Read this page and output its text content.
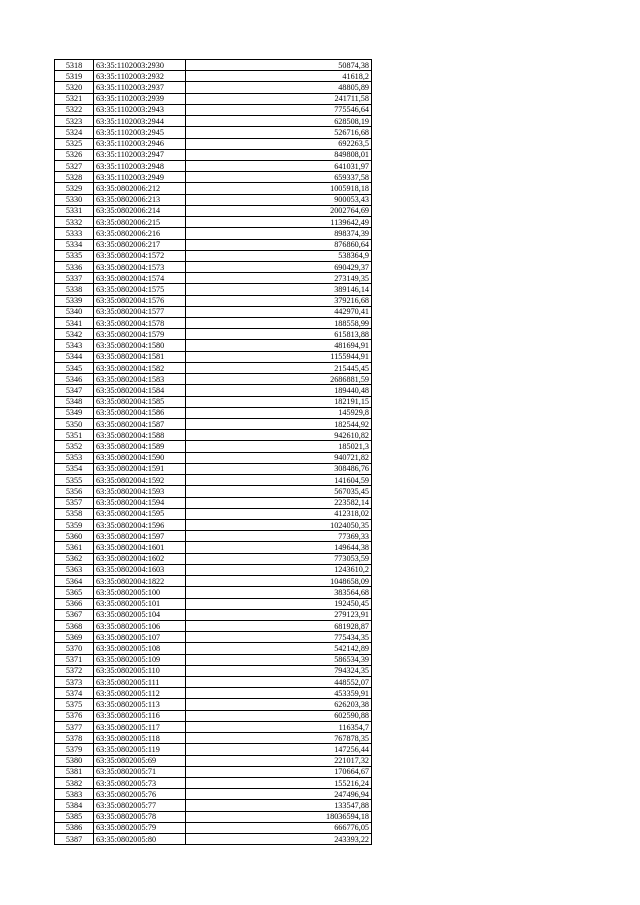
5318	63:35:1102003:2930	50874,38
5319	63:35:1102003:2932	41618,2
5320	63:35:1102003:2937	48805,89
5321	63:35:1102003:2939	241711,58
5322	63:35:1102003:2943	775546,64
5323	63:35:1102003:2944	628508,19
5324	63:35:1102003:2945	526716,68
5325	63:35:1102003:2946	692263,5
5326	63:35:1102003:2947	849808,01
5327	63:35:1102003:2948	641031,97
5328	63:35:1102003:2949	659337,58
5329	63:35:0802006:212	1005918,18
5330	63:35:0802006:213	900053,43
5331	63:35:0802006:214	2002764,69
5332	63:35:0802006:215	1139642,49
5333	63:35:0802006:216	898374,39
5334	63:35:0802006:217	876860,64
5335	63:35:0802004:1572	538364,9
5336	63:35:0802004:1573	690429,37
5337	63:35:0802004:1574	273149,35
5338	63:35:0802004:1575	389146,14
5339	63:35:0802004:1576	379216,68
5340	63:35:0802004:1577	442970,41
5341	63:35:0802004:1578	188558,99
5342	63:35:0802004:1579	615813,88
5343	63:35:0802004:1580	481694,91
5344	63:35:0802004:1581	1155944,91
5345	63:35:0802004:1582	215445,45
5346	63:35:0802004:1583	2686881,59
5347	63:35:0802004:1584	189440,48
5348	63:35:0802004:1585	182191,15
5349	63:35:0802004:1586	145929,8
5350	63:35:0802004:1587	182544,92
5351	63:35:0802004:1588	942610,82
5352	63:35:0802004:1589	185021,3
5353	63:35:0802004:1590	940721,82
5354	63:35:0802004:1591	308486,76
5355	63:35:0802004:1592	141604,59
5356	63:35:0802004:1593	567035,45
5357	63:35:0802004:1594	223582,14
5358	63:35:0802004:1595	412318,02
5359	63:35:0802004:1596	1024050,35
5360	63:35:0802004:1597	77369,33
5361	63:35:0802004:1601	149644,38
5362	63:35:0802004:1602	773053,59
5363	63:35:0802004:1603	1243610,2
5364	63:35:0802004:1822	1048658,09
5365	63:35:0802005:100	383564,68
5366	63:35:0802005:101	192450,45
5367	63:35:0802005:104	279123,91
5368	63:35:0802005:106	681928,87
5369	63:35:0802005:107	775434,35
5370	63:35:0802005:108	542142,89
5371	63:35:0802005:109	586534,39
5372	63:35:0802005:110	794324,35
5373	63:35:0802005:111	448552,07
5374	63:35:0802005:112	453359,91
5375	63:35:0802005:113	626203,38
5376	63:35:0802005:116	602590,88
5377	63:35:0802005:117	116354,7
5378	63:35:0802005:118	767878,35
5379	63:35:0802005:119	147256,44
5380	63:35:0802005:69	221017,32
5381	63:35:0802005:71	170664,67
5382	63:35:0802005:73	155216,24
5383	63:35:0802005:76	247496,94
5384	63:35:0802005:77	133547,88
5385	63:35:0802005:78	18036594,18
5386	63:35:0802005:79	666776,05
5387	63:35:0802005:80	243393,22
